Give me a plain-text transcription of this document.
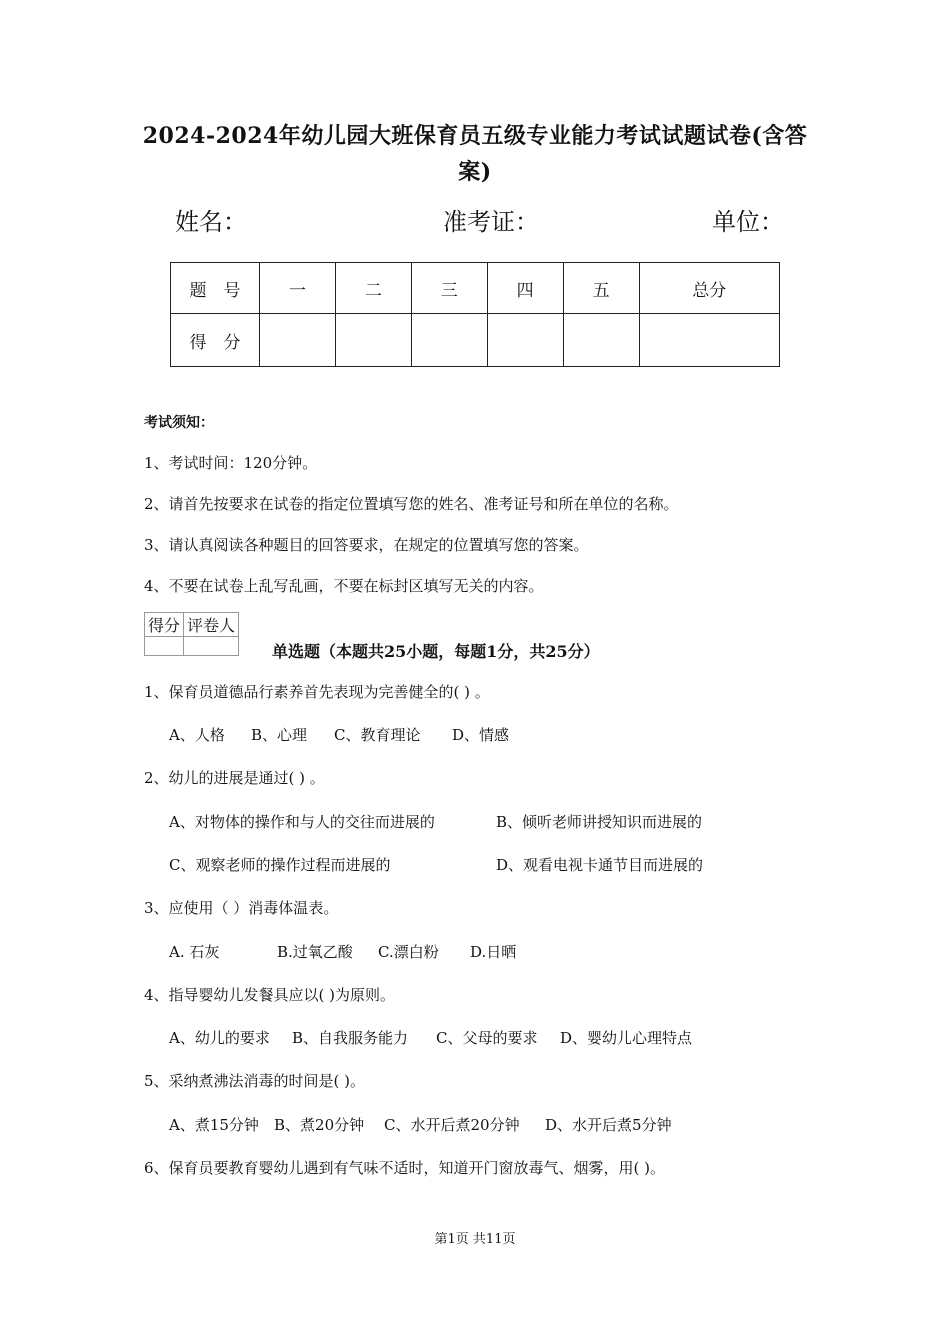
2024-2024年幼儿园大班保育员五级专业能力考试试题试卷(含答
案)
姓名：	准考证：	单位：
题　号	一	二	三	四	五	总分
得　分						
考试须知：
1、考试时间：120分钟。
2、请首先按要求在试卷的指定位置填写您的姓名、准考证号和所在单位的名称。
3、请认真阅读各种题目的回答要求，在规定的位置填写您的答案。
4、不要在试卷上乱写乱画，不要在标封区填写无关的内容。
得分	评卷人

单选题（本题共25小题，每题1分，共25分）
1、保育员道德品行素养首先表现为完善健全的( ) 。
A、人格 B、心理 C、教育理论 D、情感
2、幼儿的进展是通过( ) 。
A、对物体的操作和与人的交往而进展的	B、倾听老师讲授知识而进展的
C、观察老师的操作过程而进展的	D、观看电视卡通节目而进展的
3、应使用（ ）消毒体温表。
A. 石灰	B.过氧乙酸 C.漂白粉 D.日晒
4、指导婴幼儿发餐具应以( )为原则。
A、幼儿的要求 B、自我服务能力 C、父母的要求 D、婴幼儿心理特点
5、采纳煮沸法消毒的时间是( )。
A、煮15分钟 B、煮20分钟 C、水开后煮20分钟 D、水开后煮5分钟
6、保育员要教育婴幼儿遇到有气味不适时，知道开门窗放毒气、烟雾，用( )。
第1页 共11页
